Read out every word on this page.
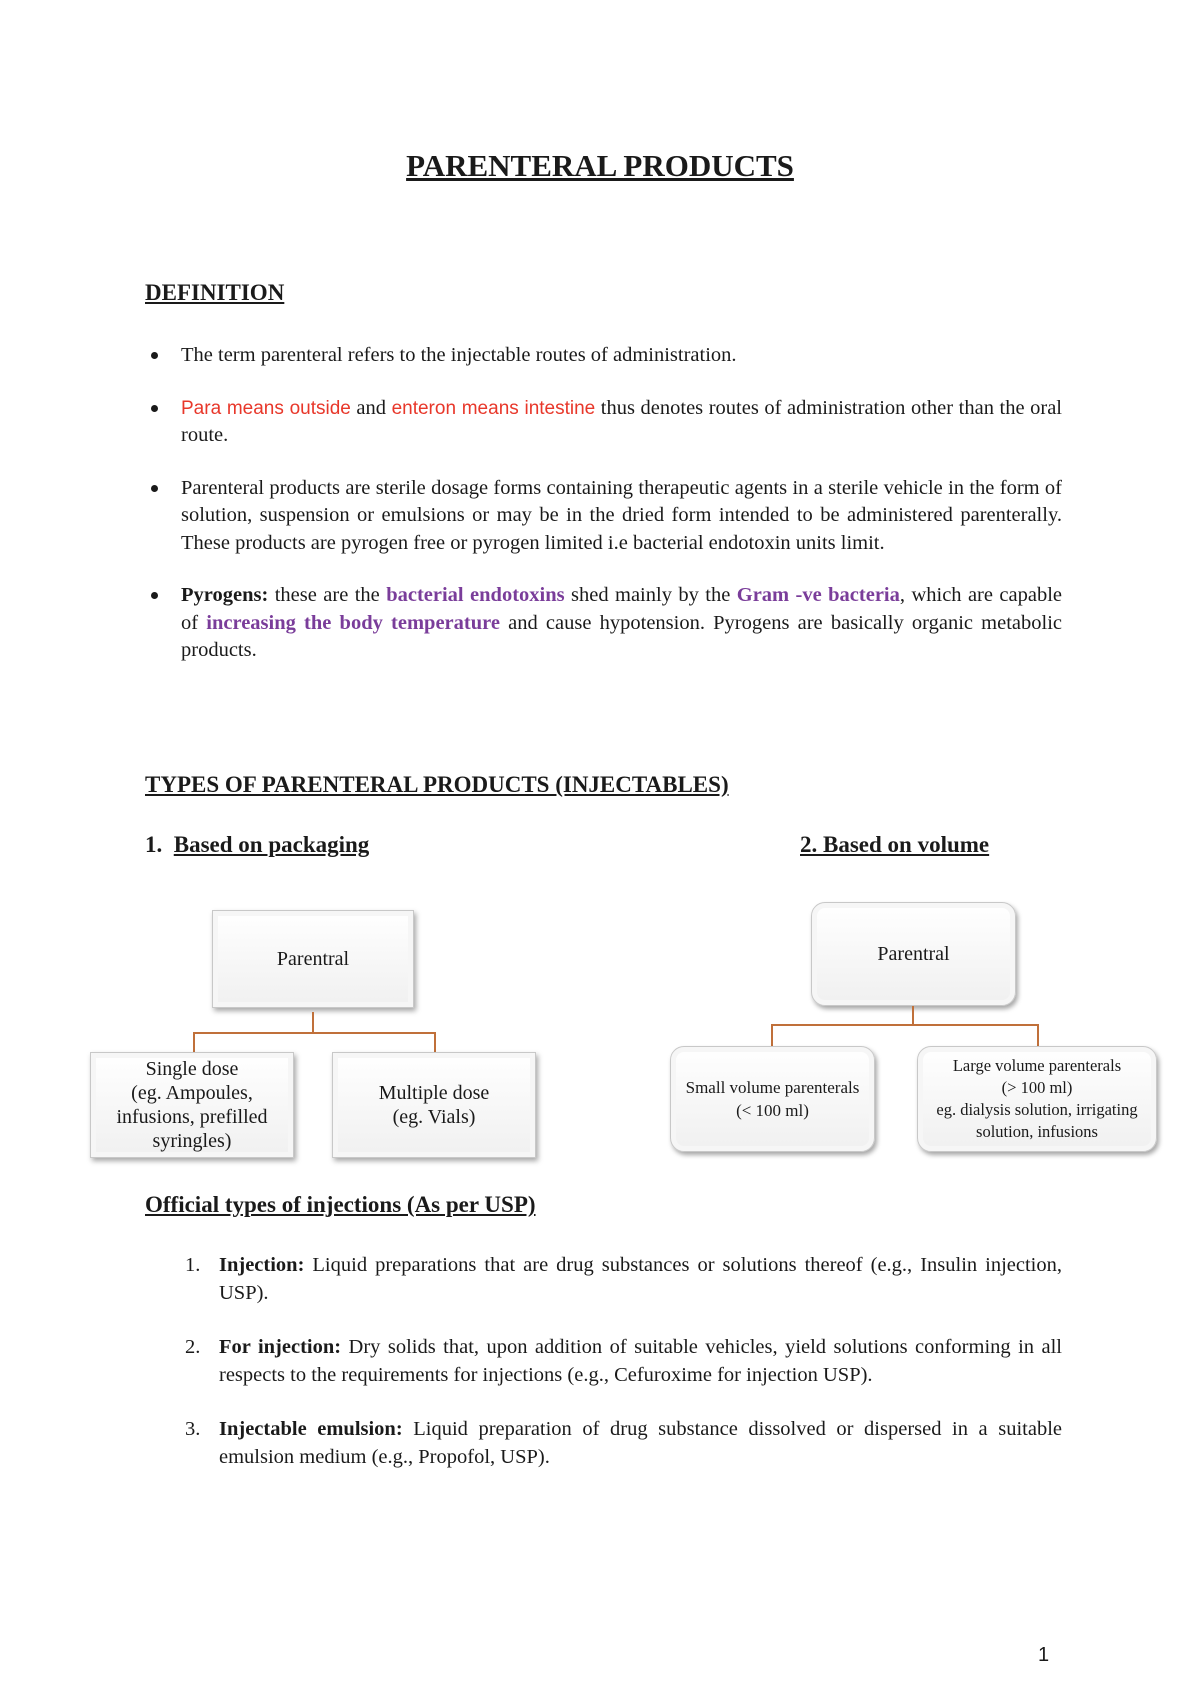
PARENTERAL PRODUCTS
DEFINITION
The term parenteral refers to the injectable routes of administration.
Para means outside and enteron means intestine thus denotes routes of administration other than the oral route.
Parenteral products are sterile dosage forms containing therapeutic agents in a sterile vehicle in the form of solution, suspension or emulsions or may be in the dried form intended to be administered parenterally. These products are pyrogen free or pyrogen limited i.e bacterial endotoxin units limit.
Pyrogens: these are the bacterial endotoxins shed mainly by the Gram -ve bacteria, which are capable of increasing the body temperature and cause hypotension. Pyrogens are basically organic metabolic products.
TYPES OF PARENTERAL PRODUCTS (INJECTABLES)
1. Based on packaging	2. Based on volume
Parentral
Single dose
(eg. Ampoules,
infusions, prefilled
syringles)
Multiple dose
(eg. Vials)
Parentral
Small volume parenterals
(< 100 ml)
Large volume parenterals
(> 100 ml)
eg. dialysis solution, irrigating
solution, infusions
Official types of injections (As per USP)
1. Injection: Liquid preparations that are drug substances or solutions thereof (e.g., Insulin injection, USP).
2. For injection: Dry solids that, upon addition of suitable vehicles, yield solutions conforming in all respects to the requirements for injections (e.g., Cefuroxime for injection USP).
3. Injectable emulsion: Liquid preparation of drug substance dissolved or dispersed in a suitable emulsion medium (e.g., Propofol, USP).
1
